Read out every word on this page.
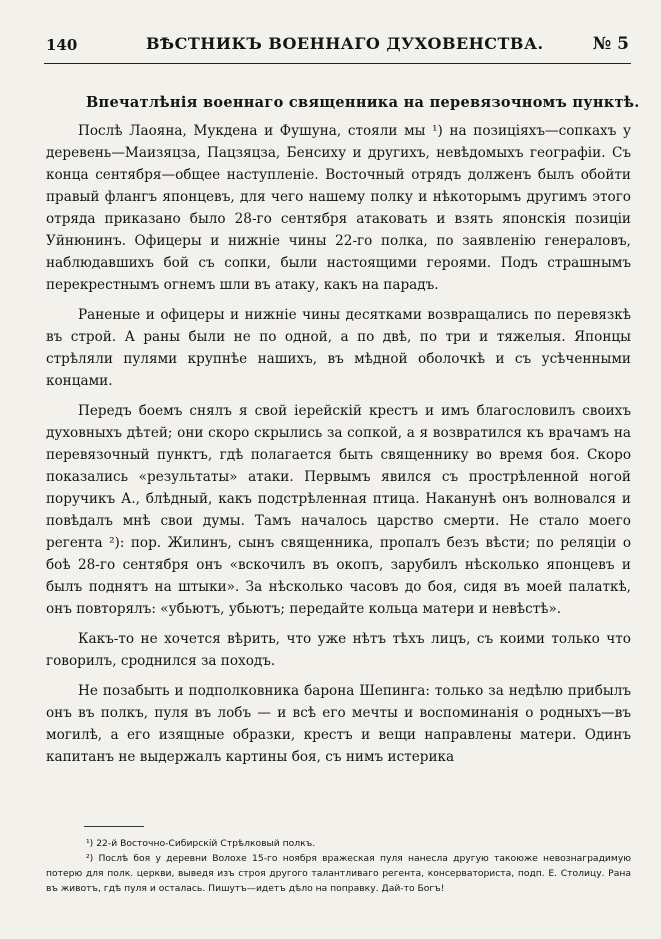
140	ВѢСТНИКЪ ВОЕННАГО ДУХОВЕНСТВА.	№ 5
Впечатлѣнія военнаго священника на перевязочномъ пунктѣ.

Послѣ Лаояна, Мукдена и Фушуна, стояли мы ¹) на позиціяхъ—сопкахъ у деревень—Маизяцза, Пацзяцза, Бенсиху и другихъ, невѣдомыхъ географіи. Съ конца сентября—общее наступленіе. Восточный отрядъ долженъ былъ обойти правый флангъ японцевъ, для чего нашему полку и нѣкоторымъ другимъ этого отряда приказано было 28-го сентября атаковать и взять японскія позиціи Уйнюнинъ. Офицеры и нижніе чины 22-го полка, по заявленію генераловъ, наблюдавшихъ бой съ сопки, были настоящими героями. Подъ страшнымъ перекрестнымъ огнемъ шли въ атаку, какъ на парадъ.

Раненые и офицеры и нижніе чины десятками возвращались по перевязкѣ въ строй. А раны были не по одной, а по двѣ, по три и тяжелыя. Японцы стрѣляли пулями крупнѣе нашихъ, въ мѣдной оболочкѣ и съ усѣченными концами.

Передъ боемъ снялъ я свой іерейскій крестъ и имъ благословилъ своихъ духовныхъ дѣтей; они скоро скрылись за сопкой, а я возвратился къ врачамъ на перевязочный пунктъ, гдѣ полагается быть священнику во время боя. Скоро показались «результаты» атаки. Первымъ явился съ прострѣленной ногой поручикъ А., блѣдный, какъ подстрѣленная птица. Наканунѣ онъ волновался и повѣдалъ мнѣ свои думы. Тамъ началось царство смерти. Не стало моего регента ²): пор. Жилинъ, сынъ священника, пропалъ безъ вѣсти; по реляціи о боѣ 28-го сентября онъ «вскочилъ въ окопъ, зарубилъ нѣсколько японцевъ и былъ поднятъ на штыки». За нѣсколько часовъ до боя, сидя въ моей палаткѣ, онъ повторялъ: «убьютъ, убьютъ; передайте кольца матери и невѣстѣ».

Какъ-то не хочется вѣрить, что уже нѣтъ тѣхъ лицъ, съ коими только что говорилъ, сроднился за походъ.

Не позабыть и подполковника барона Шепинга: только за недѣлю прибылъ онъ въ полкъ, пуля въ лобъ — и всѣ его мечты и воспоминанія о родныхъ—въ могилѣ, а его изящные образки, крестъ и вещи направлены матери. Одинъ капитанъ не выдержалъ картины боя, съ нимъ истерика

¹) 22-й Восточно-Сибирскій Стрѣлковый полкъ.

²) Послѣ боя у деревни Волохе 15-го ноября вражеская пуля нанесла другую такоюже невознаградимую потерю для полк. церкви, выведя изъ строя другого талантливаго регента, консерваториста, подп. Е. Столицу. Рана въ животъ, гдѣ пуля и осталась. Пишутъ—идетъ дѣло на поправку. Дай-то Богъ!
